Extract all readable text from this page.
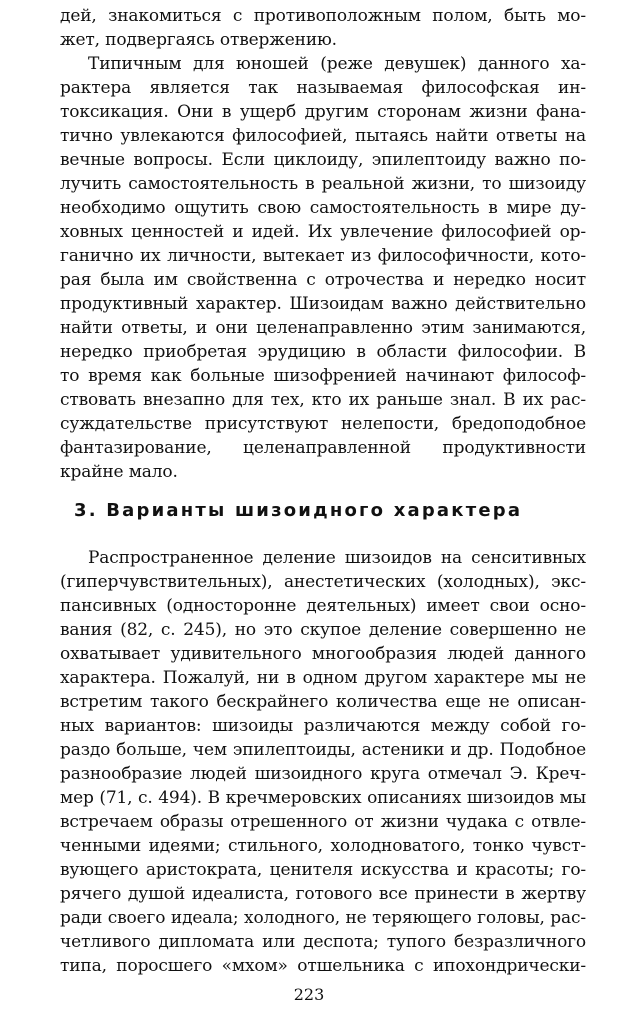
дей, знакомиться с противоположным полом, быть мо-
жет, подвергаясь отвержению.
Типичным для юношей (реже девушек) данного ха-
рактера является так называемая философская ин-
токсикация. Они в ущерб другим сторонам жизни фана-
тично увлекаются философией, пытаясь найти ответы на
вечные вопросы. Если циклоиду, эпилептоиду важно по-
лучить самостоятельность в реальной жизни, то шизоиду
необходимо ощутить свою самостоятельность в мире ду-
ховных ценностей и идей. Их увлечение философией ор-
ганично их личности, вытекает из философичности, кото-
рая была им свойственна с отрочества и нередко носит
продуктивный характер. Шизоидам важно действительно
найти ответы, и они целенаправленно этим занимаются,
нередко приобретая эрудицию в области философии. В
то время как больные шизофренией начинают философ-
ствовать внезапно для тех, кто их раньше знал. В их рас-
суждательстве присутствуют нелепости, бредоподобное
фантазирование, целенаправленной продуктивности
крайне мало.
3. Варианты шизоидного характера
Распространенное деление шизоидов на сенситивных
(гиперчувствительных), анестетических (холодных), экс-
пансивных (односторонне деятельных) имеет свои осно-
вания (82, с. 245), но это скупое деление совершенно не
охватывает удивительного многообразия людей данного
характера. Пожалуй, ни в одном другом характере мы не
встретим такого бескрайнего количества еще не описан-
ных вариантов: шизоиды различаются между собой го-
раздо больше, чем эпилептоиды, астеники и др. Подобное
разнообразие людей шизоидного круга отмечал Э. Креч-
мер (71, с. 494). В кречмеровских описаниях шизоидов мы
встречаем образы отрешенного от жизни чудака с отвле-
ченными идеями; стильного, холодноватого, тонко чувст-
вующего аристократа, ценителя искусства и красоты; го-
рячего душой идеалиста, готового все принести в жертву
ради своего идеала; холодного, не теряющего головы, рас-
четливого дипломата или деспота; тупого безразличного
типа, поросшего «мхом» отшельника с ипохондрически-
223
